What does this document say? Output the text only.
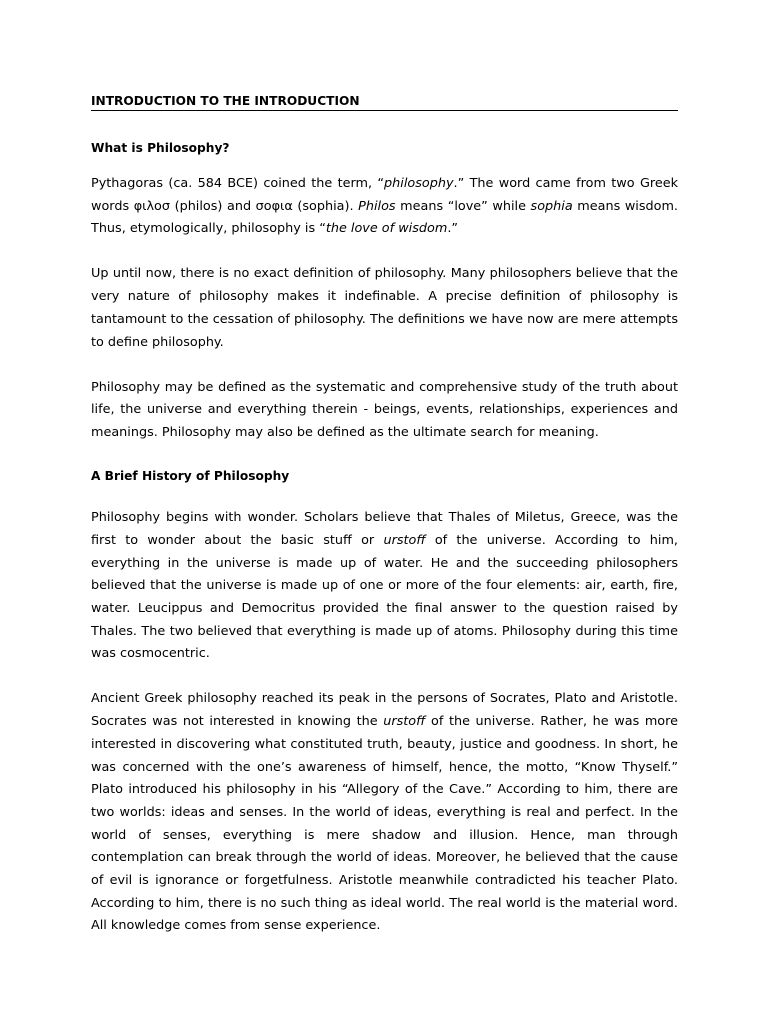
INTRODUCTION TO THE INTRODUCTION
What is Philosophy?

Pythagoras (ca. 584 BCE) coined the term, “philosophy.” The word came from two Greek words φιλοσ (philos) and σοφια (sophia). Philos means “love” while sophia means wisdom. Thus, etymologically, philosophy is “the love of wisdom.”

Up until now, there is no exact definition of philosophy. Many philosophers believe that the very nature of philosophy makes it indefinable. A precise definition of philosophy is tantamount to the cessation of philosophy. The definitions we have now are mere attempts to define philosophy.

Philosophy may be defined as the systematic and comprehensive study of the truth about life, the universe and everything therein - beings, events, relationships, experiences and meanings. Philosophy may also be defined as the ultimate search for meaning.

A Brief History of Philosophy

Philosophy begins with wonder. Scholars believe that Thales of Miletus, Greece, was the first to wonder about the basic stuff or urstoff of the universe. According to him, everything in the universe is made up of water. He and the succeeding philosophers believed that the universe is made up of one or more of the four elements: air, earth, fire, water. Leucippus and Democritus provided the final answer to the question raised by Thales. The two believed that everything is made up of atoms. Philosophy during this time was cosmocentric.

Ancient Greek philosophy reached its peak in the persons of Socrates, Plato and Aristotle. Socrates was not interested in knowing the urstoff of the universe. Rather, he was more interested in discovering what constituted truth, beauty, justice and goodness. In short, he was concerned with the one’s awareness of himself, hence, the motto, “Know Thyself.” Plato introduced his philosophy in his “Allegory of the Cave.” According to him, there are two worlds: ideas and senses. In the world of ideas, everything is real and perfect. In the world of senses, everything is mere shadow and illusion. Hence, man through contemplation can break through the world of ideas. Moreover, he believed that the cause of evil is ignorance or forgetfulness. Aristotle meanwhile contradicted his teacher Plato. According to him, there is no such thing as ideal world. The real world is the material word. All knowledge comes from sense experience.
